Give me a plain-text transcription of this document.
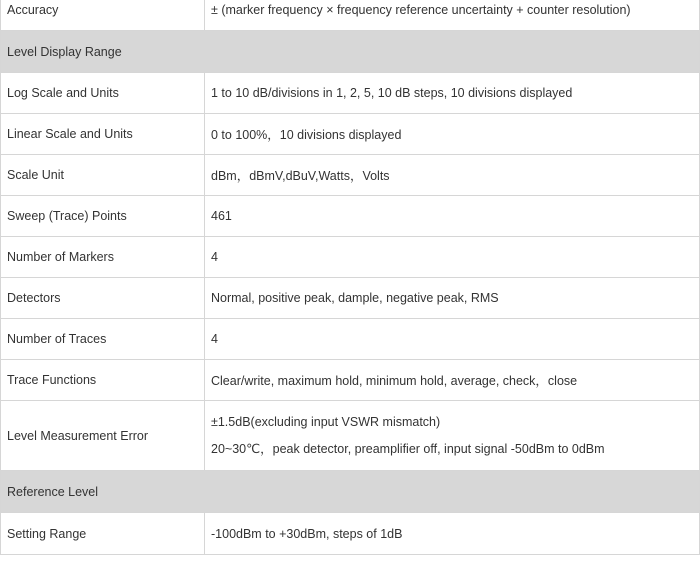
Accuracy	± (marker frequency × frequency reference uncertainty + counter resolution)
Level Display Range	
Log Scale and Units	1 to 10 dB/divisions in 1, 2, 5, 10 dB steps, 10 divisions displayed
Linear Scale and Units	0 to 100%，10 divisions displayed
Scale Unit	dBm，dBmV,dBuV,Watts，Volts
Sweep (Trace) Points	461
Number of Markers	4
Detectors	Normal, positive peak, dample, negative peak, RMS
Number of Traces	4
Trace Functions	Clear/write, maximum hold, minimum hold, average, check，close
Level Measurement Error	±1.5dB(excluding input VSWR mismatch)
20~30℃，peak detector, preamplifier off, input signal -50dBm to 0dBm

Reference Level	
Setting Range	-100dBm to +30dBm, steps of 1dB
